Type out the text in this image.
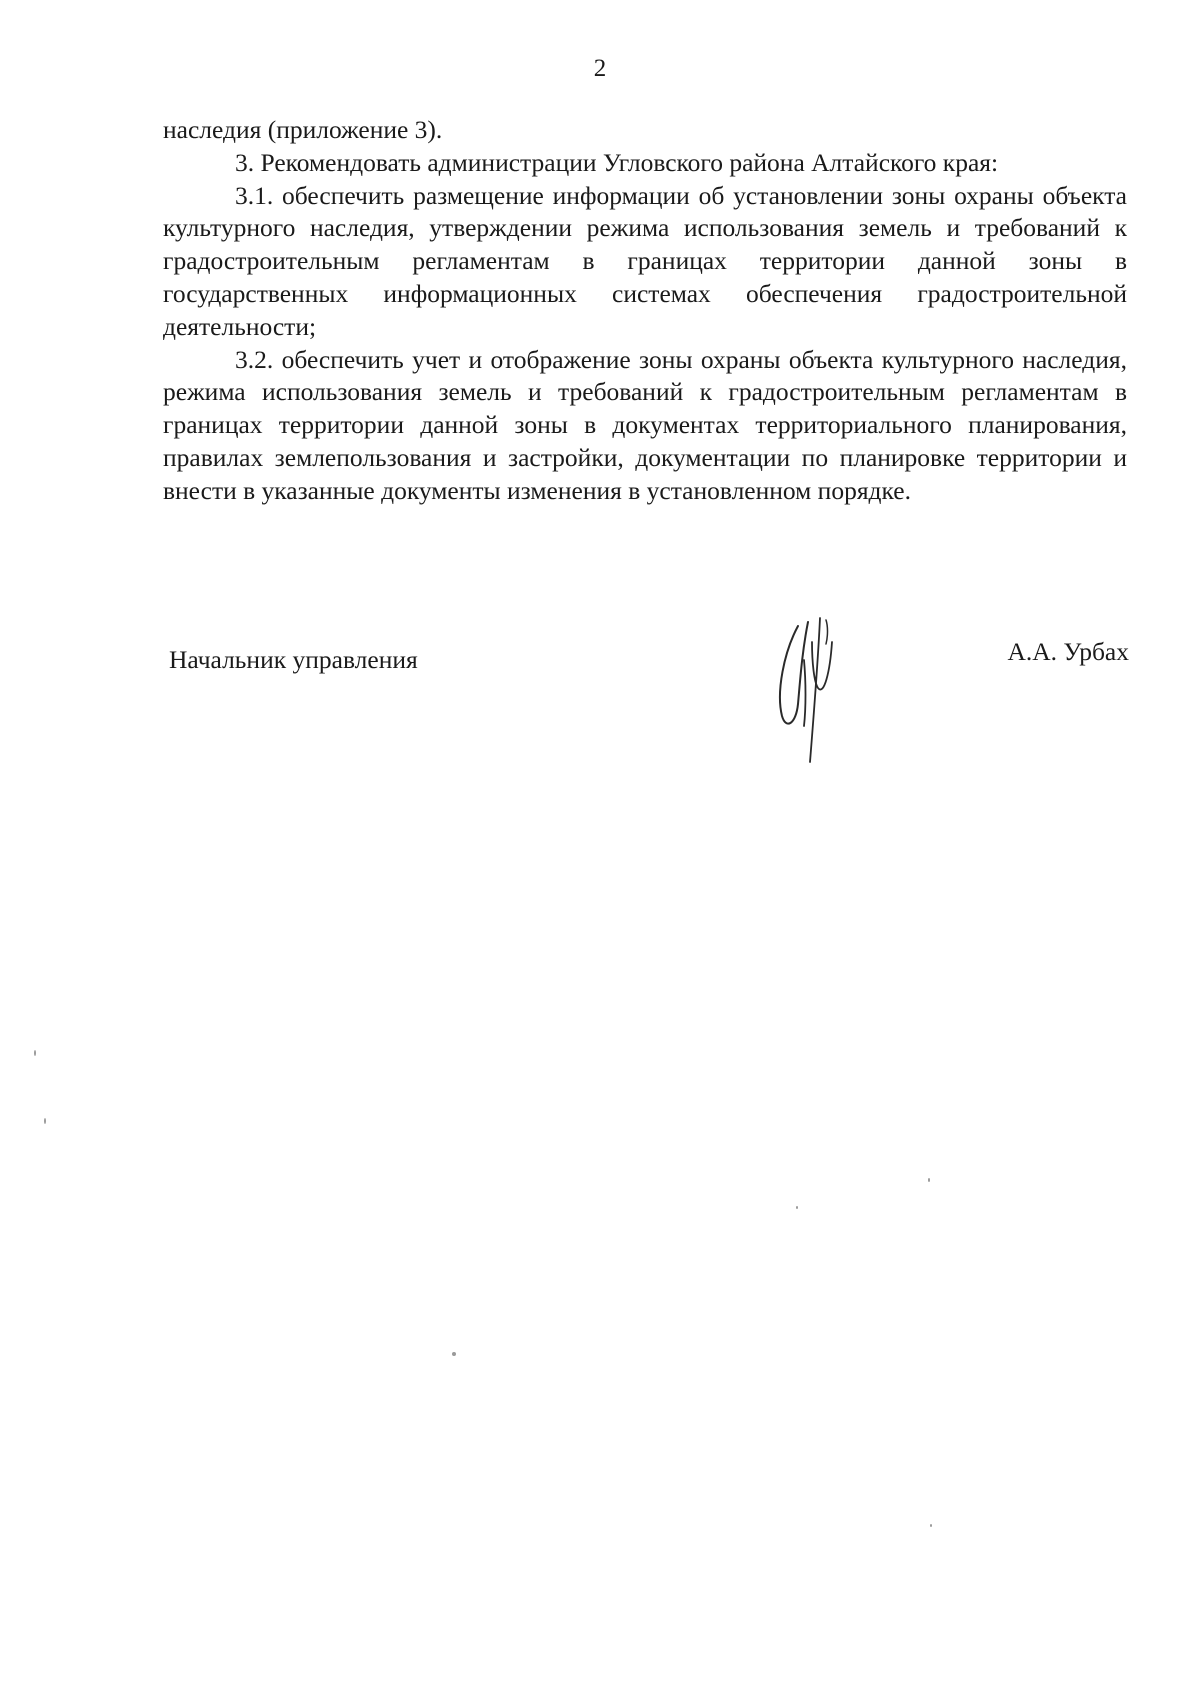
2

наследия (приложение 3).

3. Рекомендовать администрации Угловского района Алтайского края:

3.1. обеспечить размещение информации об установлении зоны охраны объекта культурного наследия, утверждении режима использования земель и требований к градостроительным регламентам в границах территории данной зоны в государственных информационных системах обеспечения градостроительной деятельности;

3.2. обеспечить учет и отображение зоны охраны объекта культурного наследия, режима использования земель и требований к градостроительным регламентам в границах территории данной зоны в документах территориального планирования, правилах землепользования и застройки, документации по планировке территории и внести в указанные документы изменения в установленном порядке.

Начальник управления	А.А. Урбах
